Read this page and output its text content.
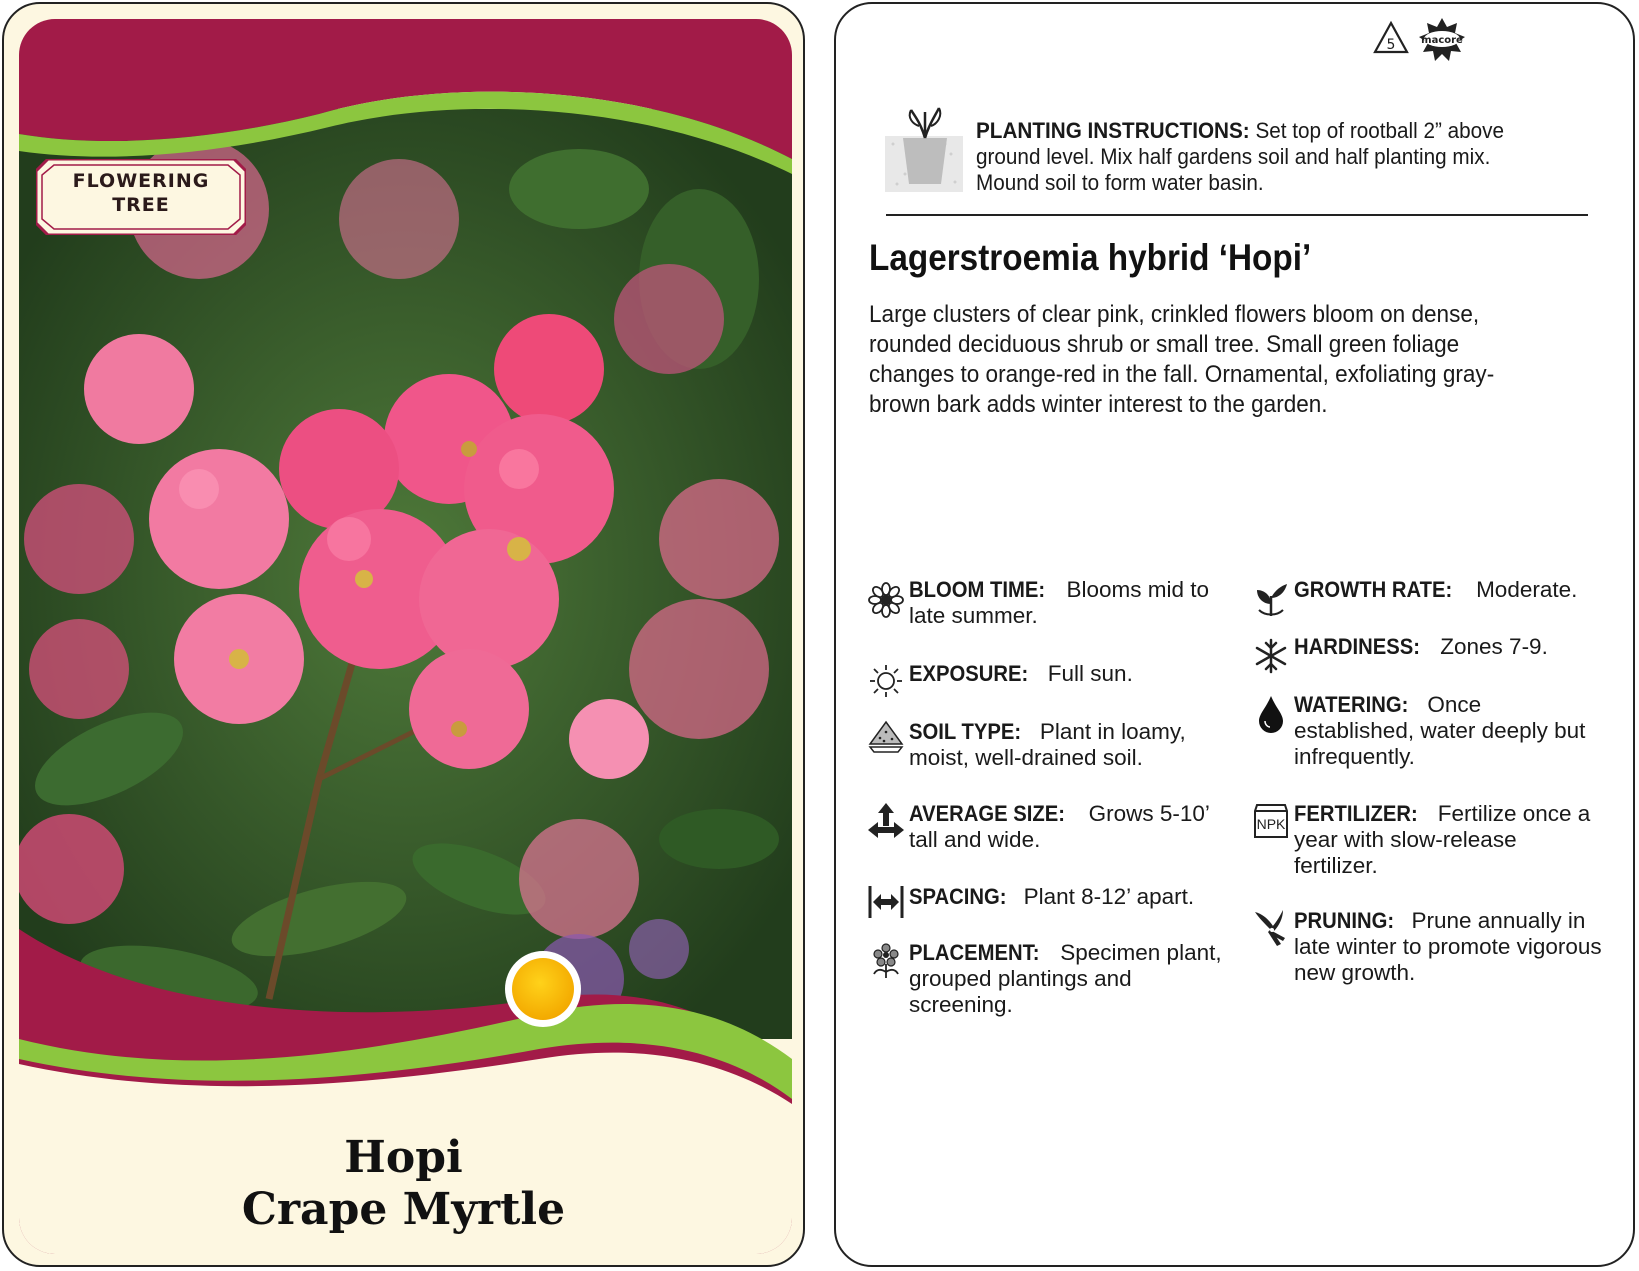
FLOWERING
TREE
Hopi
Crape Myrtle
5	macore
PLANTING INSTRUCTIONS: Set top of rootball 2” above ground level. Mix half gardens soil and half planting mix. Mound soil to form water basin.
Lagerstroemia hybrid ‘Hopi’
Large clusters of clear pink, crinkled flowers bloom on dense, rounded deciduous shrub or small tree. Small green foliage changes to orange-red in the fall. Ornamental, exfoliating gray-brown bark adds winter interest to the garden.
BLOOM TIME: Blooms mid to late summer.
EXPOSURE: Full sun.
SOIL TYPE: Plant in loamy, moist, well-drained soil.
AVERAGE SIZE: Grows 5-10’ tall and wide.
SPACING: Plant 8-12’ apart.
PLACEMENT: Specimen plant, grouped plantings and screening.
GROWTH RATE: Moderate.
HARDINESS: Zones 7-9.
WATERING: Once established, water deeply but infrequently.
NPK FERTILIZER: Fertilize once a year with slow-release fertilizer.
PRUNING: Prune annually in late winter to promote vigorous new growth.
